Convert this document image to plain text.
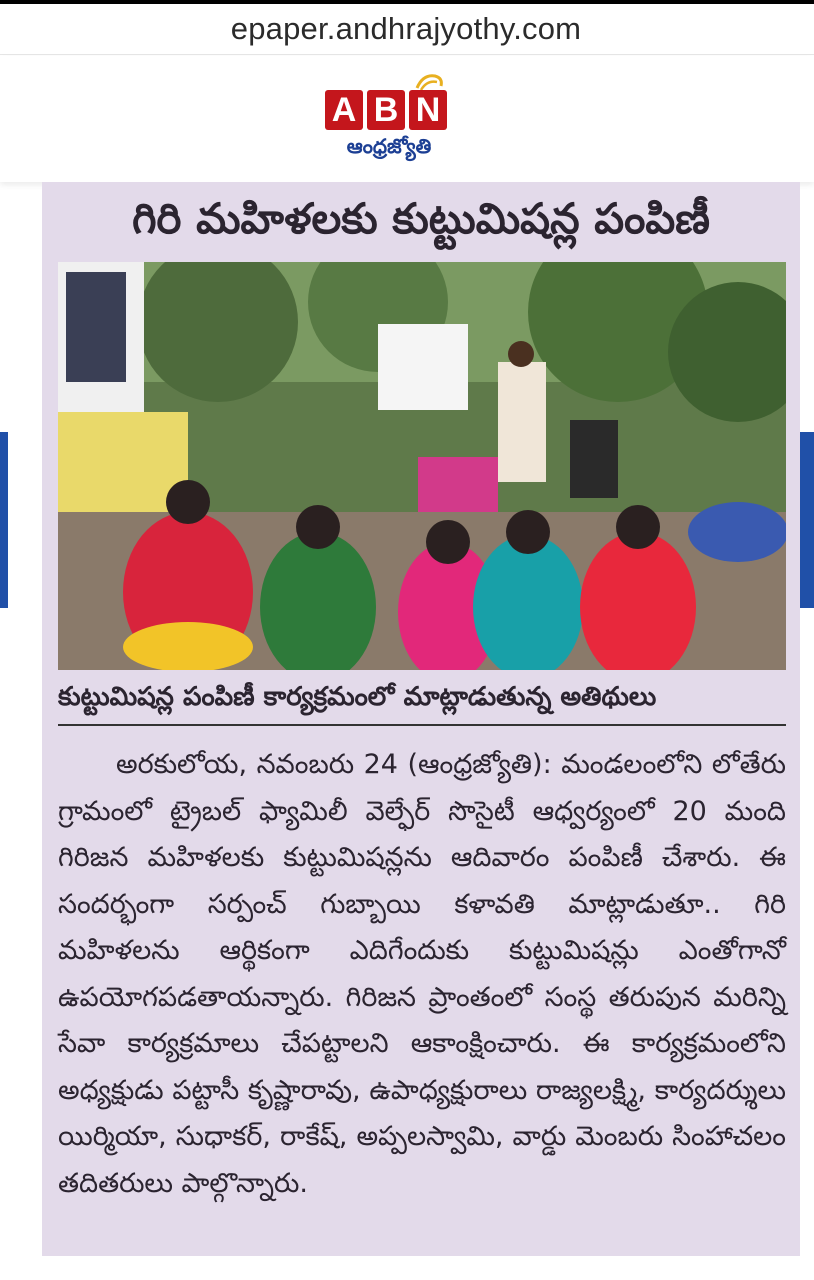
epaper.andhrajyothy.com
A B N
ఆంధ్రజ్యోతి
గిరి మహిళలకు కుట్టుమిషన్ల పంపిణీ
కుట్టుమిషన్ల పంపిణీ కార్యక్రమంలో మాట్లాడుతున్న అతిథులు

అరకులోయ, నవంబరు 24 (ఆంధ్రజ్యోతి): మండలంలోని లోతేరు గ్రామంలో ట్రైబల్ ఫ్యామిలీ వెల్ఫేర్ సొసైటీ ఆధ్వర్యంలో 20 మంది గిరిజన మహిళలకు కుట్టుమిషన్లను ఆదివారం పంపిణీ చేశారు. ఈ సందర్భంగా సర్పంచ్ గుబ్బాయి కళావతి మాట్లాడుతూ.. గిరి మహిళలను ఆర్థికంగా ఎదిగేందుకు కుట్టుమిషన్లు ఎంతోగానో ఉపయోగపడతాయన్నారు. గిరిజన ప్రాంతంలో సంస్థ తరుపున మరిన్ని సేవా కార్యక్రమాలు చేపట్టాలని ఆకాంక్షించారు. ఈ కార్యక్రమంలోని అధ్యక్షుడు పట్టాసీ కృష్ణారావు, ఉపాధ్యక్షురాలు రాజ్యలక్ష్మి, కార్యదర్శులు యిర్మియా, సుధాకర్, రాకేష్, అప్పలస్వామి, వార్డు మెంబరు సింహాచలం తదితరులు పాల్గొన్నారు.
